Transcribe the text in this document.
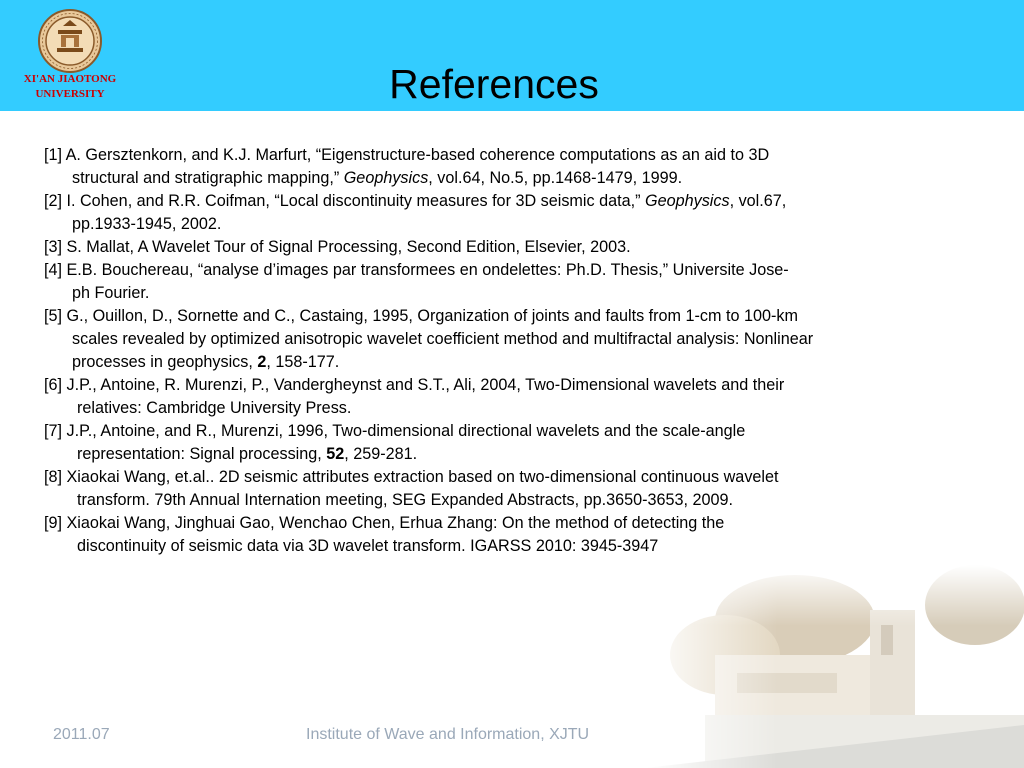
XI'AN JIAOTONG
UNIVERSITY	References
[1] A. Gersztenkorn, and K.J. Marfurt, “Eigenstructure-based coherence computations as an aid to 3D
structural and stratigraphic mapping,” Geophysics, vol.64, No.5, pp.1468-1479, 1999.
[2] I. Cohen, and R.R. Coifman, “Local discontinuity measures for 3D seismic data,” Geophysics, vol.67,
pp.1933-1945, 2002.
[3] S. Mallat, A Wavelet Tour of Signal Processing, Second Edition, Elsevier, 2003.
[4] E.B. Bouchereau, “analyse d’images par transformees en ondelettes: Ph.D. Thesis,” Universite Jose-
ph Fourier.
[5] G., Ouillon, D., Sornette and C., Castaing, 1995, Organization of joints and faults from 1-cm to 100-km
scales revealed by optimized anisotropic wavelet coefficient method and multifractal analysis: Nonlinear
processes in geophysics, 2, 158-177.
[6] J.P., Antoine, R. Murenzi, P., Vandergheynst and S.T., Ali, 2004, Two-Dimensional wavelets and their
relatives: Cambridge University Press.
[7] J.P., Antoine, and R., Murenzi, 1996, Two-dimensional directional wavelets and the scale-angle
representation: Signal processing, 52, 259-281.
[8] Xiaokai Wang, et.al.. 2D seismic attributes extraction based on two-dimensional continuous wavelet
transform. 79th Annual Internation meeting, SEG Expanded Abstracts, pp.3650-3653, 2009.
[9] Xiaokai Wang, Jinghuai Gao, Wenchao Chen, Erhua Zhang: On the method of detecting the
discontinuity of seismic data via 3D wavelet transform. IGARSS 2010: 3945-3947
2011.07	Institute of Wave and Information, XJTU
